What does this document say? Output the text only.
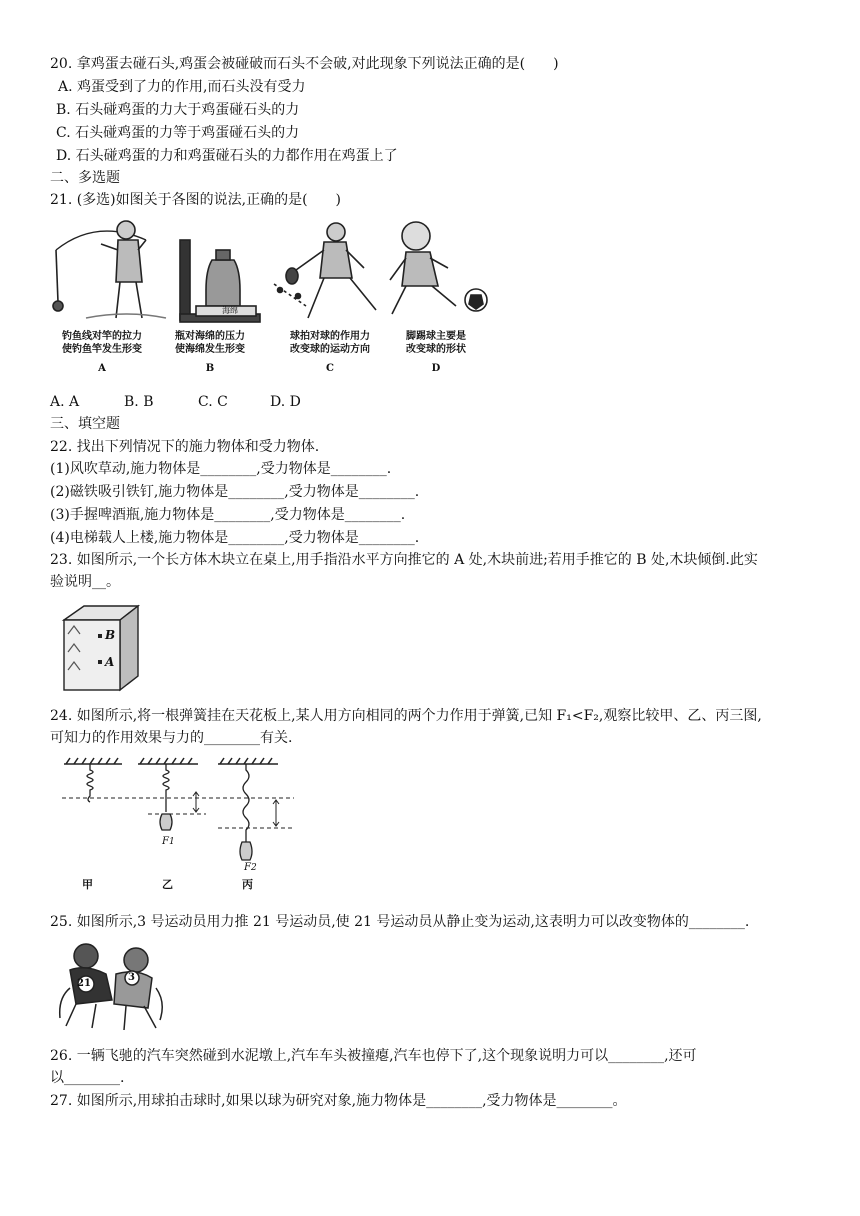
20. 拿鸡蛋去碰石头,鸡蛋会被碰破而石头不会破,对此现象下列说法正确的是(　　)
A. 鸡蛋受到了力的作用,而石头没有受力
B. 石头碰鸡蛋的力大于鸡蛋碰石头的力
C. 石头碰鸡蛋的力等于鸡蛋碰石头的力
D. 石头碰鸡蛋的力和鸡蛋碰石头的力都作用在鸡蛋上了
二、多选题
21. (多选)如图关于各图的说法,正确的是(　　)
海绵
钓鱼线对竿的拉力
使钓鱼竿发生形变
A
瓶对海绵的压力
使海绵发生形变
B
球拍对球的作用力
改变球的运动方向
C
脚踢球主要是
改变球的形状
D
A. A	B. B	C. C	D. D
三、填空题
22. 找出下列情况下的施力物体和受力物体.
(1)风吹草动,施力物体是________,受力物体是________.
(2)磁铁吸引铁钉,施力物体是________,受力物体是________.
(3)手握啤酒瓶,施力物体是________,受力物体是________.
(4)电梯载人上楼,施力物体是________,受力物体是________.
23. 如图所示,一个长方体木块立在桌上,用手指沿水平方向推它的 A 处,木块前进;若用手推它的 B 处,木块倾倒.此实
验说明__。
B
A
24. 如图所示,将一根弹簧挂在天花板上,某人用方向相同的两个力作用于弹簧,已知 F₁<F₂,观察比较甲、乙、丙三图,
可知力的作用效果与力的________有关.
F1
F2
甲	乙	丙
25. 如图所示,3 号运动员用力推 21 号运动员,使 21 号运动员从静止变为运动,这表明力可以改变物体的________.
21
3
26. 一辆飞驰的汽车突然碰到水泥墩上,汽车车头被撞瘪,汽车也停下了,这个现象说明力可以________,还可
以________.
27. 如图所示,用球拍击球时,如果以球为研究对象,施力物体是________,受力物体是________。
